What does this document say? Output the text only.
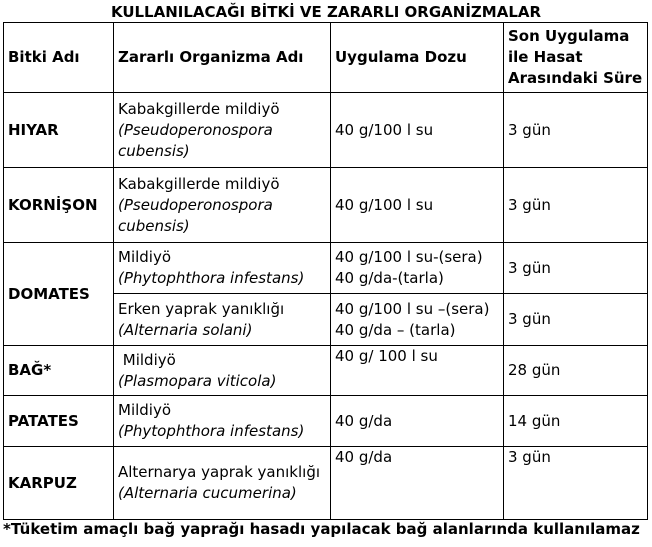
KULLANILACAĞI BİTKİ VE ZARARLI ORGANİZMALAR
Bitki Adı	Zararlı Organizma Adı	Uygulama Dozu	Son Uygulama
ile Hasat
Arasındaki Süre
HIYAR	Kabakgillerde mildiyö
(Pseudoperonospora cubensis)	40 g/100 l su	3 gün
KORNİŞON	Kabakgillerde mildiyö
(Pseudoperonospora cubensis)	40 g/100 l su	3 gün
DOMATES	Mildiyö
(Phytophthora infestans)	40 g/100 l su-(sera)
40 g/da-(tarla)	3 gün

	Erken yaprak yanıklığı
(Alternaria solani)	40 g/100 l su –(sera)
40 g/da – (tarla)	3 gün
BAĞ*	Mildiyö
(Plasmopara viticola)	40 g/ 100 l su	28 gün
PATATES	Mildiyö
(Phytophthora infestans)	40 g/da	14 gün
KARPUZ	Alternarya yaprak yanıklığı
(Alternaria cucumerina)	40 g/da	3 gün
*Tüketim amaçlı bağ yaprağı hasadı yapılacak bağ alanlarında kullanılamaz
